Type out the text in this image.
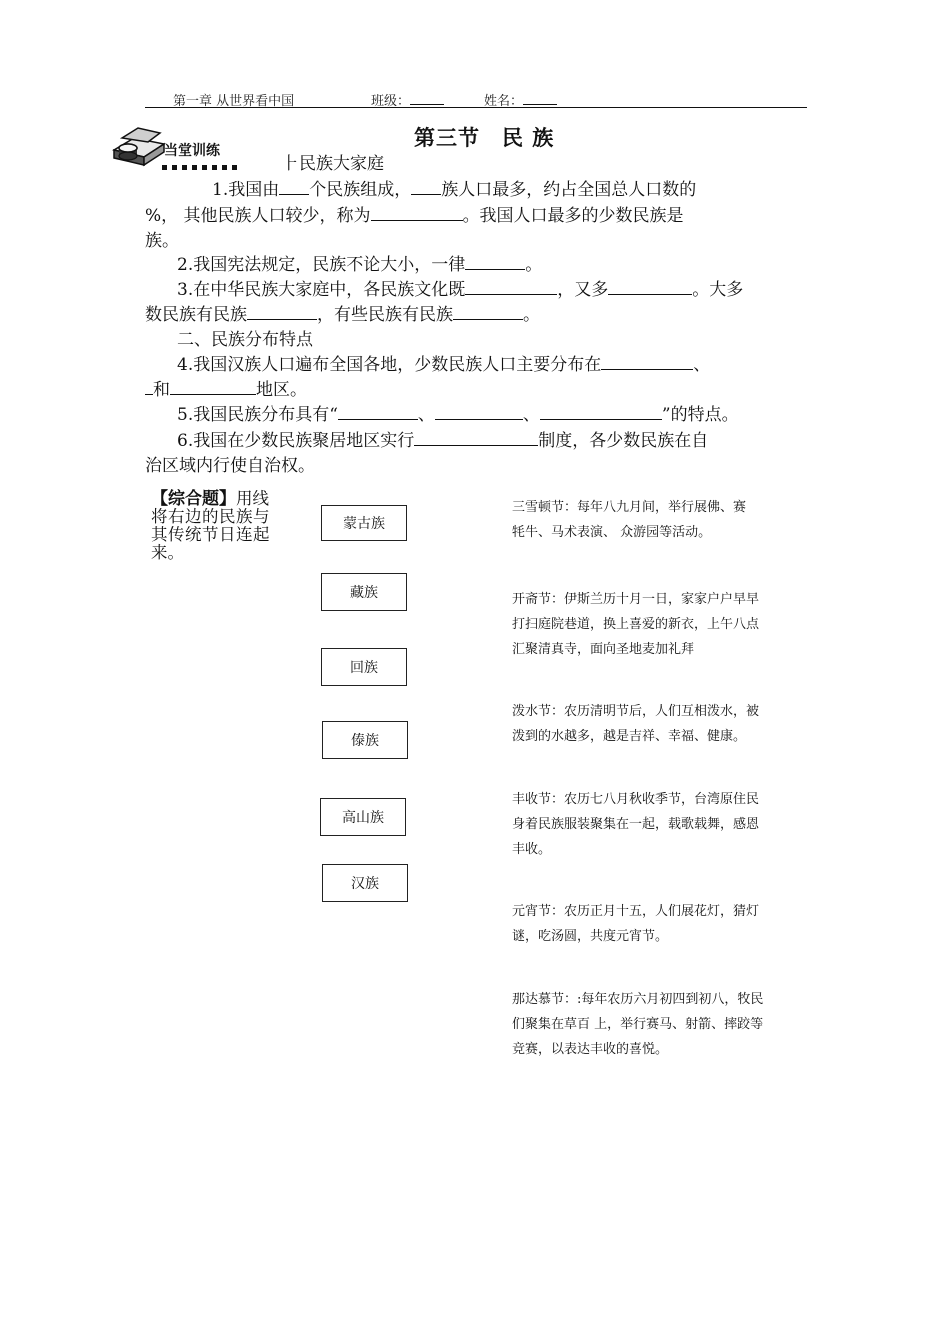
第一章 从世界看中国	班级：	姓名：
第三节　民 族
当堂训练
⺊民族大家庭
1.我国由 个民族组成， 族人口最多，约占全国总人口数的
%， 其他民族人口较少，称为	。我国人口最多的少数民族是
族。
2.我国宪法规定，民族不论大小，一律	。
3.在中华民族大家庭中，各民族文化既	，又多	。大多
数民族有民族	，有些民族有民族	。
二、民族分布特点
4.我国汉族人口遍布全国各地，少数民族人口主要分布在	、
和	地区。
5.我国民族分布具有“	、	、	”的特点。
6.我国在少数民族聚居地区实行	制度，各少数民族在自
治区域内行使自治权。
【综合题】用线
将右边的民族与
其传统节日连起
来。
蒙古族
藏族
回族
傣族
高山族
汉族
三雪顿节：每年八九月间，举行展佛、赛
牦牛、马术表演、 众游园等活动。
开斋节：伊斯兰历十月一日，家家户户早早
打扫庭院巷道，换上喜爱的新衣，上午八点
汇聚清真寺，面向圣地麦加礼拜
泼水节：农历清明节后，人们互相泼水，被
泼到的水越多，越是吉祥、幸福、健康。
丰收节：农历七八月秋收季节，台湾原住民
身着民族服装聚集在一起，载歌载舞，感恩
丰收。
元宵节：农历正月十五，人们展花灯，猜灯
谜，吃汤圆，共度元宵节。
那达慕节：:每年农历六月初四到初八，牧民
们聚集在草百 上，举行赛马、射箭、摔跤等
竞赛，以表达丰收的喜悦。
